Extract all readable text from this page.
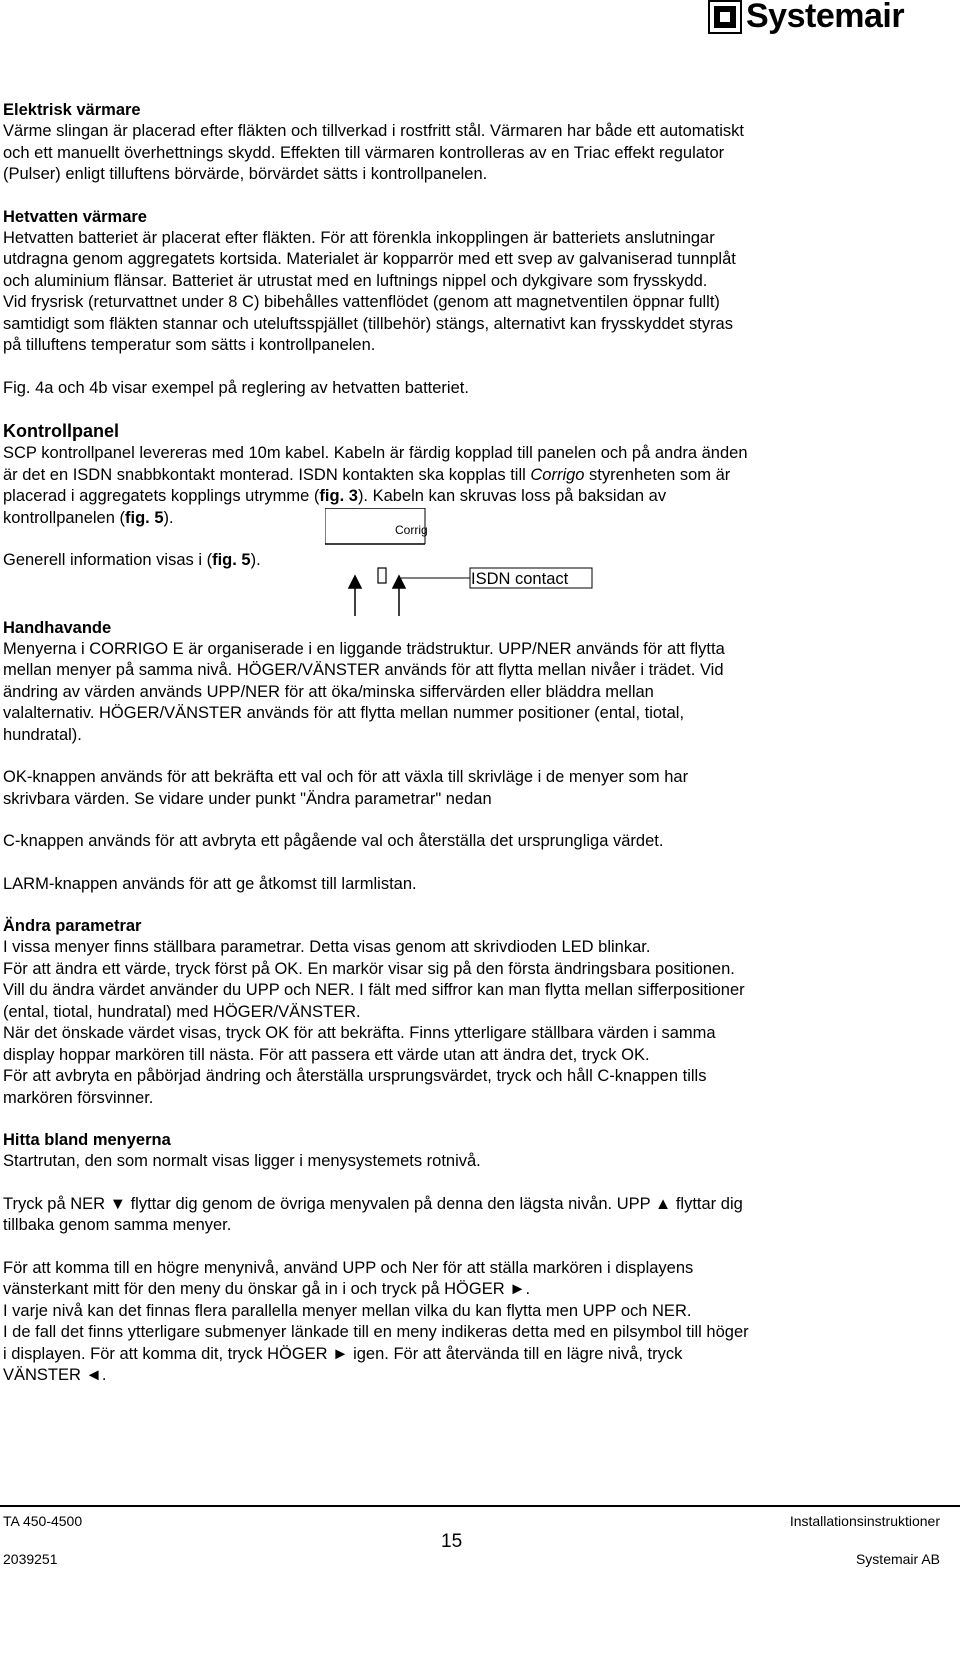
Systemair
Elektrisk värmare

Värme slingan är placerad efter fläkten och tillverkad i rostfritt stål. Värmaren har både ett automatiskt

och ett manuellt överhettnings skydd. Effekten till värmaren kontrolleras av en Triac effekt regulator

(Pulser) enligt tilluftens börvärde, börvärdet sätts i kontrollpanelen.

Hetvatten värmare

Hetvatten batteriet är placerat efter fläkten. För att förenkla inkopplingen är batteriets anslutningar

utdragna genom aggregatets kortsida. Materialet är kopparrör med ett svep av galvaniserad tunnplåt

och aluminium flänsar. Batteriet är utrustat med en luftnings nippel och dykgivare som frysskydd.

Vid frysrisk (returvattnet under 8 C) bibehålles vattenflödet (genom att magnetventilen öppnar fullt)

samtidigt som fläkten stannar och uteluftsspjället (tillbehör) stängs, alternativt kan frysskyddet styras

på tilluftens temperatur som sätts i kontrollpanelen.

Fig. 4a och 4b visar exempel på reglering av hetvatten batteriet.

Kontrollpanel

SCP kontrollpanel levereras med 10m kabel. Kabeln är färdig kopplad till panelen och på andra änden

är det en ISDN snabbkontakt monterad. ISDN kontakten ska kopplas till Corrigo styrenheten som är

placerad i aggregatets kopplings utrymme (fig. 3). Kabeln kan skruvas loss på baksidan av

kontrollpanelen (fig. 5).

Generell information visas i (fig. 5).

Corrig
ISDN contact
Handhavande

Menyerna i CORRIGO E är organiserade i en liggande trädstruktur. UPP/NER används för att flytta

mellan menyer på samma nivå. HÖGER/VÄNSTER används för att flytta mellan nivåer i trädet. Vid

ändring av värden används UPP/NER för att öka/minska siffervärden eller bläddra mellan

valalternativ. HÖGER/VÄNSTER används för att flytta mellan nummer positioner (ental, tiotal,

hundratal).

OK-knappen används för att bekräfta ett val och för att växla till skrivläge i de menyer som har

skrivbara värden. Se vidare under punkt "Ändra parametrar" nedan

C-knappen används för att avbryta ett pågående val och återställa det ursprungliga värdet.

LARM-knappen används för att ge åtkomst till larmlistan.

Ändra parametrar

I vissa menyer finns ställbara parametrar. Detta visas genom att skrivdioden LED blinkar.

För att ändra ett värde, tryck först på OK. En markör visar sig på den första ändringsbara positionen.

Vill du ändra värdet använder du UPP och NER. I fält med siffror kan man flytta mellan sifferpositioner

(ental, tiotal, hundratal) med HÖGER/VÄNSTER.

När det önskade värdet visas, tryck OK för att bekräfta. Finns ytterligare ställbara värden i samma

display hoppar markören till nästa. För att passera ett värde utan att ändra det, tryck OK.

För att avbryta en påbörjad ändring och återställa ursprungsvärdet, tryck och håll C-knappen tills

markören försvinner.

Hitta bland menyerna

Startrutan, den som normalt visas ligger i menysystemets rotnivå.

Tryck på NER ▼ flyttar dig genom de övriga menyvalen på denna den lägsta nivån. UPP ▲ flyttar dig

tillbaka genom samma menyer.

För att komma till en högre menynivå, använd UPP och Ner för att ställa markören i displayens

vänsterkant mitt för den meny du önskar gå in i och tryck på HÖGER ►.

I varje nivå kan det finnas flera parallella menyer mellan vilka du kan flytta men UPP och NER.

I de fall det finns ytterligare submenyer länkade till en meny indikeras detta med en pilsymbol till höger

i displayen. För att komma dit, tryck HÖGER ► igen. För att återvända till en lägre nivå, tryck

VÄNSTER ◄.

TA 450-4500	Installationsinstruktioner
15
2039251	Systemair AB
